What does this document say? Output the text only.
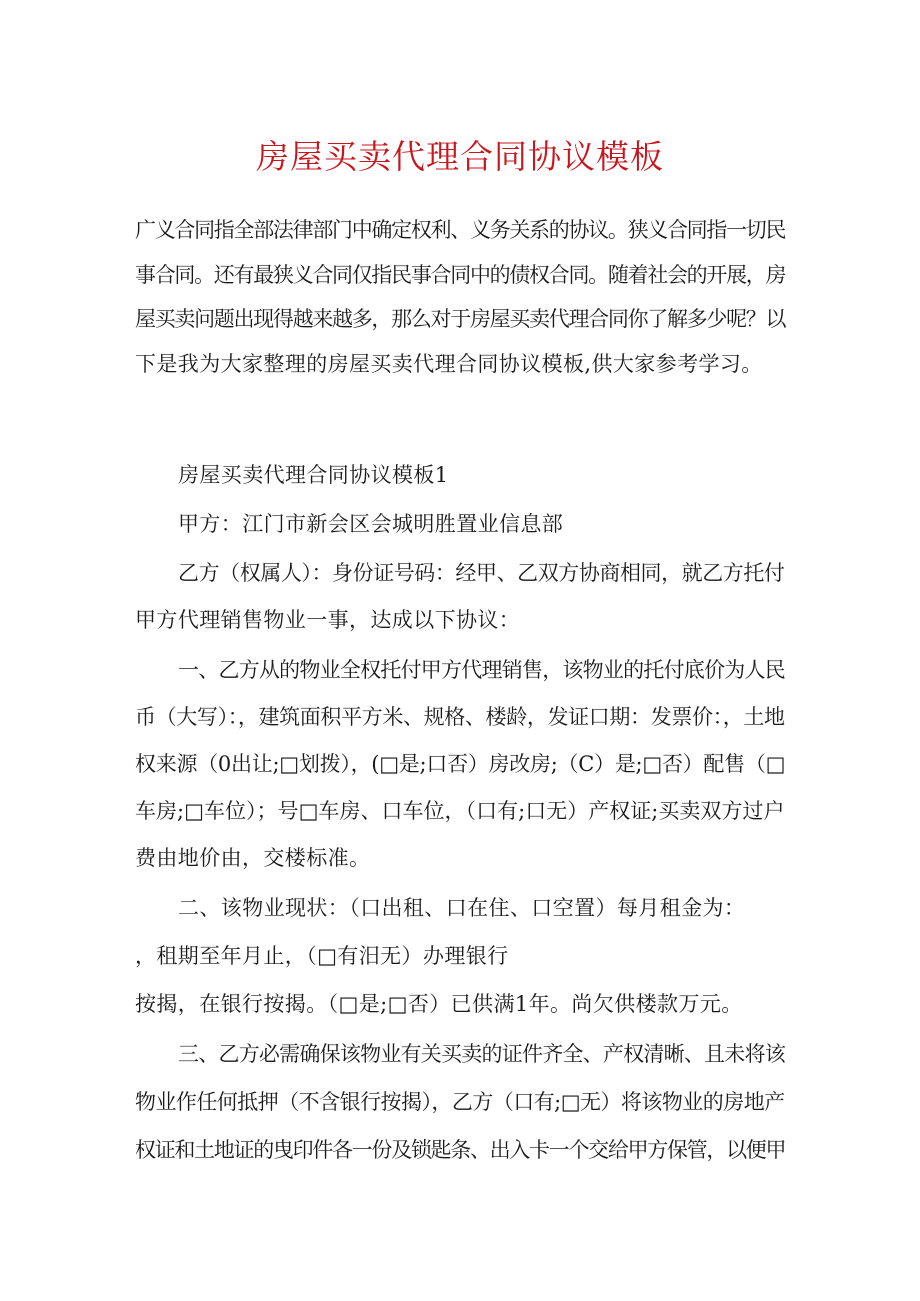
房屋买卖代理合同协议模板
广义合同指全部法律部门中确定权利、义务关系的协议。狭义合同指一切民
事合同。还有最狭义合同仅指民事合同中的债权合同。随着社会的开展，房
屋买卖问题出现得越来越多，那么对于房屋买卖代理合同你了解多少呢？以
下是我为大家整理的房屋买卖代理合同协议模板,供大家参考学习。
房屋买卖代理合同协议模板1
甲方：江门市新会区会城明胜置业信息部
乙方（权属人）：身份证号码：经甲、乙双方协商相同，就乙方托付
甲方代理销售物业一事，达成以下协议：
一、乙方从的物业全权托付甲方代理销售，该物业的托付底价为人民
币（大写）：，建筑面积平方米、规格、楼龄，发证口期：发票价：，土地
权来源（0出让;□划拨），(□是;口否）房改房;（C）是;□否）配售（□
车房;□车位）；号□车房、口车位，（口有;口无）产权证;买卖双方过户
费由地价由，交楼标准。
二、该物业现状：（口出租、口在住、口空置）每月租金为：
，租期至年月止，（□有汨无）办理银行
按揭，在银行按揭。（□是;□否）已供满1年。尚欠供楼款万元。
三、乙方必需确保该物业有关买卖的证件齐全、产权清晰、且未将该
物业作任何抵押（不含银行按揭），乙方（口有;□无）将该物业的房地产
权证和土地证的曳印件各一份及锁匙条、出入卡一个交给甲方保管，以便甲
